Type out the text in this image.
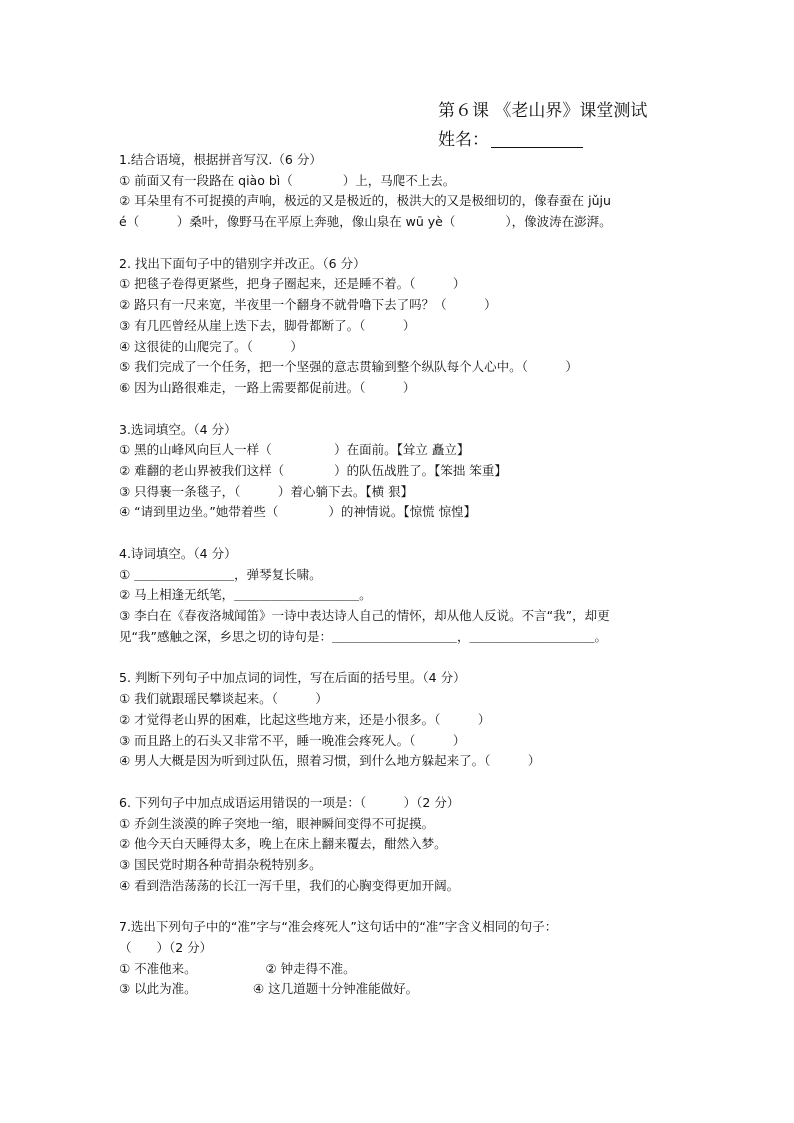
第６课 《老山界》课堂测试
姓名：
1.结合语境，根据拼音写汉.（6 分）
① 前面又有一段路在 qiào bì（　　　　）上，马爬不上去。
② 耳朵里有不可捉摸的声响，极远的又是极近的，极洪大的又是极细切的，像春蚕在 jǔju
é（　　　）桑叶，像野马在平原上奔驰，像山泉在 wū yè（　　　　），像波涛在澎湃。
2. 找出下面句子中的错别字并改正。（6 分）
① 把毯子卷得更紧些，把身子圈起来，还是睡不着。（　　　）
② 路只有一尺来宽，半夜里一个翻身不就骨噜下去了吗？（　　　）
③ 有几匹曾经从崖上迭下去，脚骨都断了。（　　　）
④ 这很徒的山爬完了。（　　　）
⑤ 我们完成了一个任务，把一个坚强的意志贯输到整个纵队每个人心中。（　　　）
⑥ 因为山路很难走，一路上需要都促前进。（　　　）
3.选词填空。（4 分）
① 黑的山峰风向巨人一样（　　　　　）在面前。【耸立 矗立】
② 难翻的老山界被我们这样（　　　　）的队伍战胜了。【笨拙 笨重】
③ 只得裹一条毯子，（　　　）着心躺下去。【横 狠】
④ “请到里边坐。”她带着些（　　　　）的神情说。【惊慌 惊惶】
4.诗词填空。（4 分）
① ＿＿＿＿＿＿＿＿，弹琴复长啸。
② 马上相逢无纸笔，＿＿＿＿＿＿＿＿＿＿。
③ 李白在《春夜洛城闻笛》一诗中表达诗人自己的情怀，却从他人反说。不言“我”，却更
见“我”感触之深，乡思之切的诗句是：＿＿＿＿＿＿＿＿＿＿，＿＿＿＿＿＿＿＿＿＿。
5. 判断下列句子中加点词的词性，写在后面的括号里。（4 分）
① 我们就跟瑶民攀谈起来。（　　　）
② 才觉得老山界的困难，比起这些地方来，还是小很多。（　　　）
③ 而且路上的石头又非常不平，睡一晚准会疼死人。（　　　）
④ 男人大概是因为听到过队伍，照着习惯，到什么地方躲起来了。（　　　）
6. 下列句子中加点成语运用错误的一项是：（　　　）（2 分）
① 乔剑生淡漠的眸子突地一缩，眼神瞬间变得不可捉摸。
② 他今天白天睡得太多，晚上在床上翻来覆去，酣然入梦。
③ 国民党时期各种苛捐杂税特别多。
④ 看到浩浩荡荡的长江一泻千里，我们的心胸变得更加开阔。
7.选出下列句子中的“准”字与“准会疼死人”这句话中的“准”字含义相同的句子：
（　　）（2 分）
① 不准他来。　　　　　　② 钟走得不准。
③ 以此为准。　　　　　④ 这几道题十分钟准能做好。
